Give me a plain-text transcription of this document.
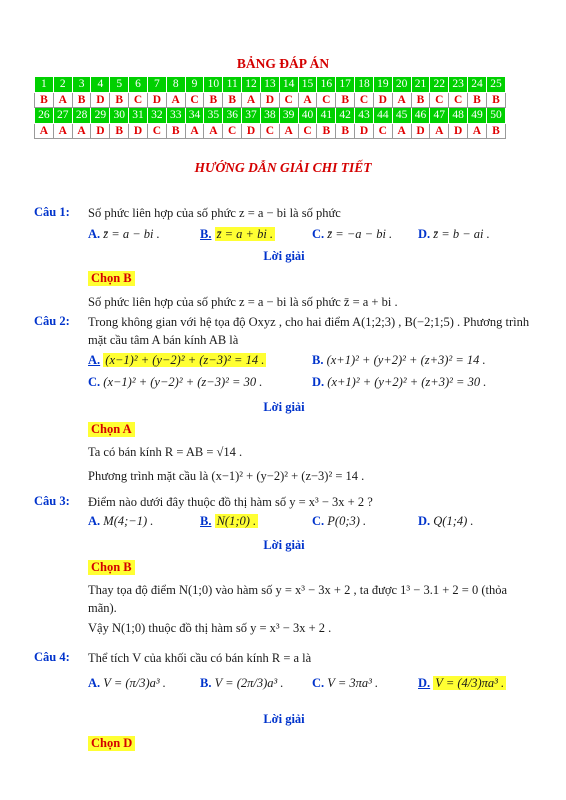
BẢNG ĐÁP ÁN
1	2	3	4	5	6	7	8	9	10	11	12	13	14	15	16	17	18	19	20	21	22	23	24	25
B	A	B	D	B	C	D	A	C	B	B	A	D	C	A	C	B	C	D	A	B	C	C	B	B
26	27	28	29	30	31	32	33	34	35	36	37	38	39	40	41	42	43	44	45	46	47	48	49	50
A	A	A	D	B	D	C	B	A	A	C	D	C	A	C	B	B	D	C	A	D	A	D	A	B
HƯỚNG DẪN GIẢI CHI TIẾT
Câu 1: Số phức liên hợp của số phức z = a − bi là số phức
A. z̄ = a − bi .	B. z̄ = a + bi .	C. z̄ = −a − bi . D. z̄ = b − ai .
Lời giải
Chọn B
Số phức liên hợp của số phức z = a − bi là số phức z̄ = a + bi .
Câu 2: Trong không gian với hệ tọa độ Oxyz , cho hai điểm A(1;2;3) , B(−2;1;5) . Phương trình
mặt cầu tâm A bán kính AB là
A. (x−1)² + (y−2)² + (z−3)² = 14 .	B. (x+1)² + (y+2)² + (z+3)² = 14 .
C. (x−1)² + (y−2)² + (z−3)² = 30 .	D. (x+1)² + (y+2)² + (z+3)² = 30 .
Lời giải
Chọn A
Ta có bán kính R = AB = √14 .
Phương trình mặt cầu là (x−1)² + (y−2)² + (z−3)² = 14 .
Câu 3: Điểm nào dưới đây thuộc đồ thị hàm số y = x³ − 3x + 2 ?
A. M(4;−1) .	B. N(1;0) .	C. P(0;3) .	D. Q(1;4) .
Lời giải
Chọn B
Thay tọa độ điểm N(1;0) vào hàm số y = x³ − 3x + 2 , ta được 1³ − 3.1 + 2 = 0 (thỏa
mãn).
Vậy N(1;0) thuộc đồ thị hàm số y = x³ − 3x + 2 .
Câu 4: Thể tích V của khối cầu có bán kính R = a là
A. V = (π/3)a³ .	B. V = (2π/3)a³ . C. V = 3πa³ .	D. V = (4/3)πa³ .
Lời giải
Chọn D
